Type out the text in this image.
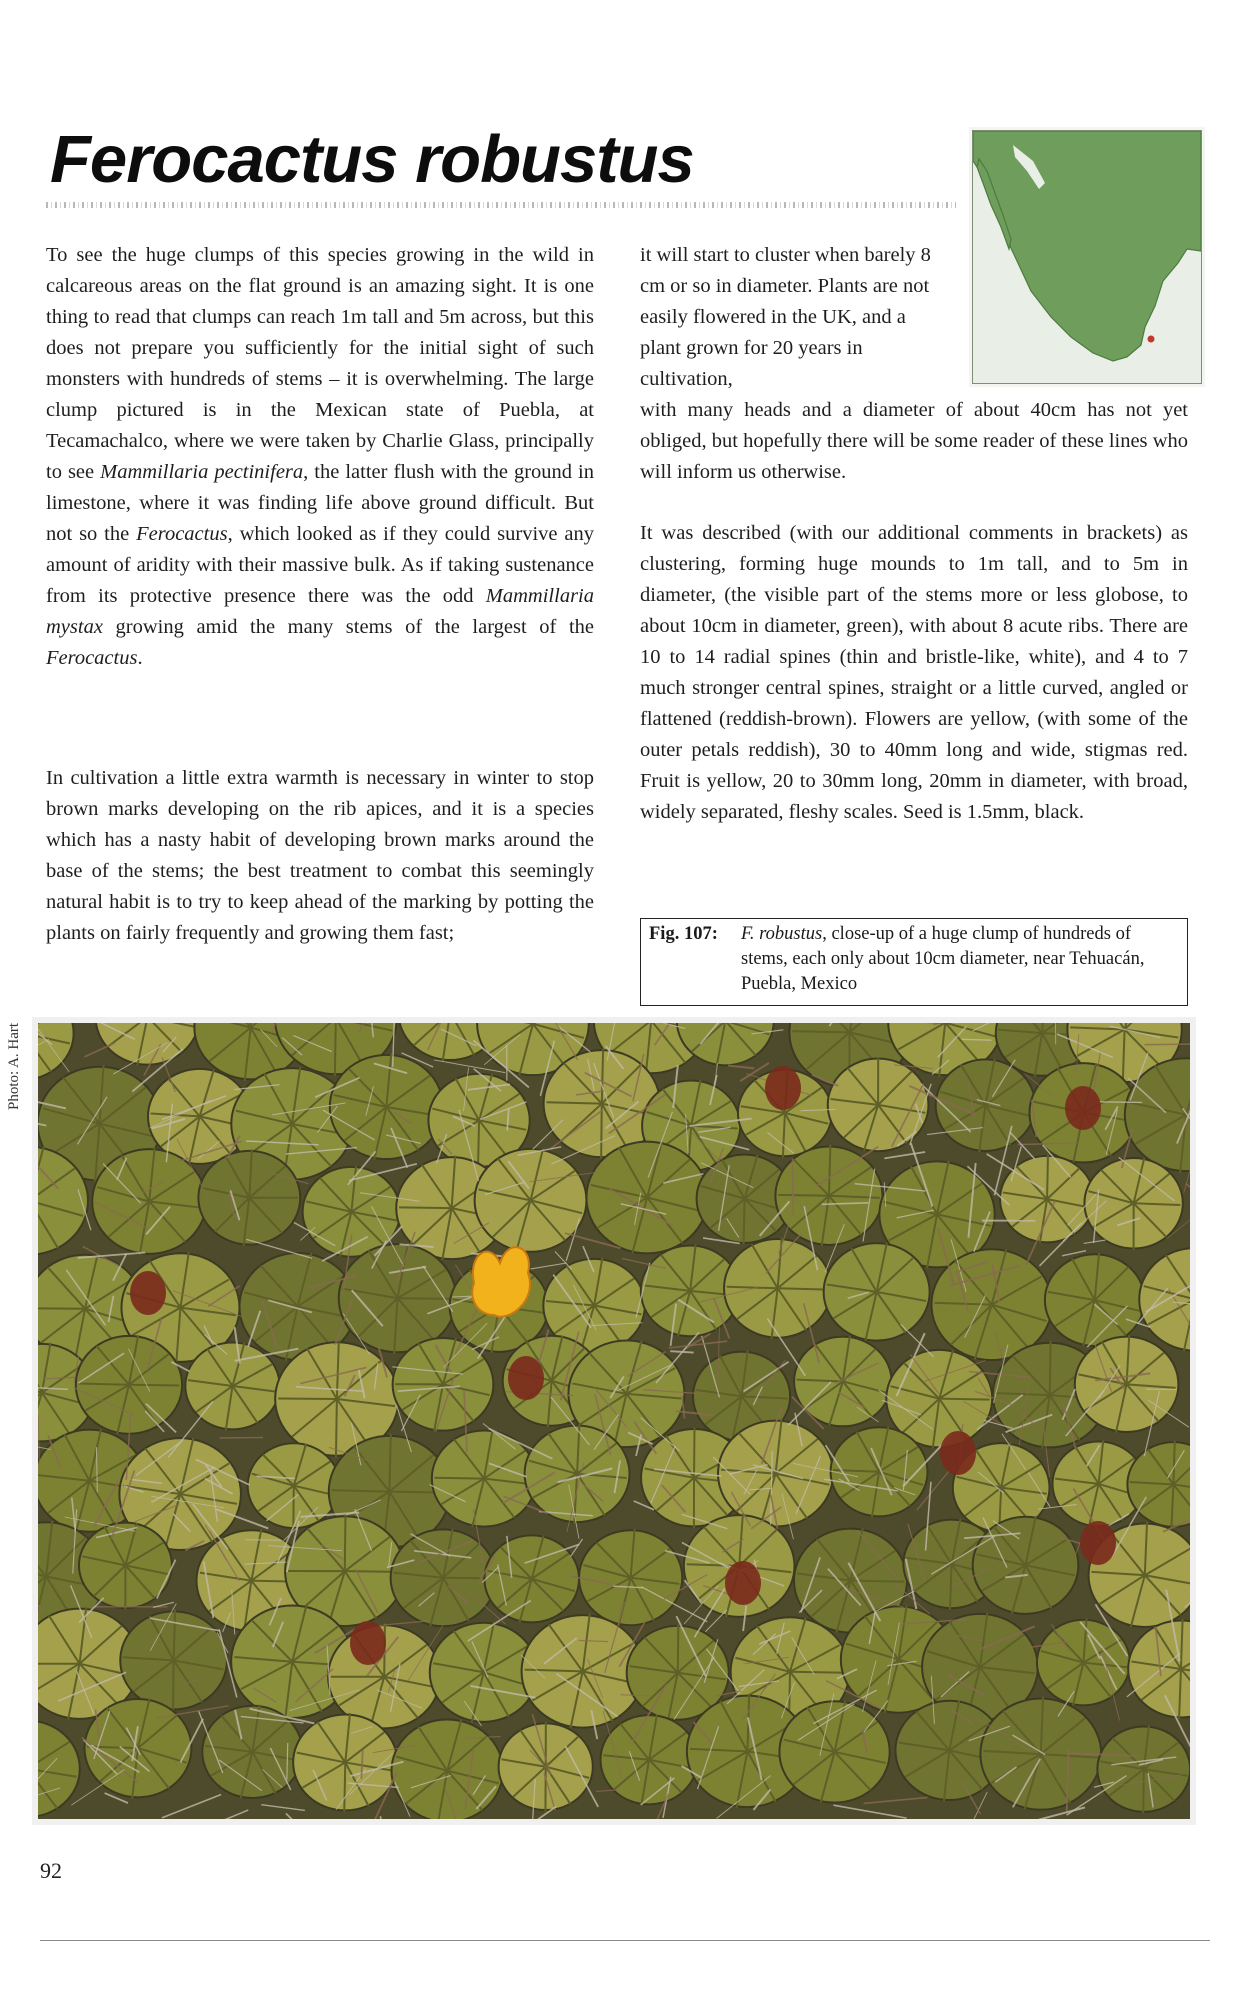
Ferocactus robustus

To see the huge clumps of this species growing in the wild in calcareous areas on the flat ground is an amazing sight. It is one thing to read that clumps can reach 1m tall and 5m across, but this does not prepare you sufficiently for the initial sight of such monsters with hundreds of stems – it is overwhelming. The large clump pictured is in the Mexican state of Puebla, at Tecamachalco, where we were taken by Charlie Glass, principally to see Mammillaria pectinifera, the latter flush with the ground in limestone, where it was finding life above ground difficult. But not so the Ferocactus, which looked as if they could survive any amount of aridity with their massive bulk. As if taking sustenance from its protective presence there was the odd Mammillaria mystax growing amid the many stems of the largest of the Ferocactus.

In cultivation a little extra warmth is necessary in winter to stop brown marks developing on the rib apices, and it is a species which has a nasty habit of developing brown marks around the base of the stems; the best treatment to combat this seemingly natural habit is to try to keep ahead of the marking by potting the plants on fairly frequently and growing them fast;

it will start to cluster when barely 8 cm or so in diameter. Plants are not easily flowered in the UK, and a plant grown for 20 years in cultivation,

with many heads and a diameter of about 40cm has not yet obliged, but hopefully there will be some reader of these lines who will inform us otherwise.

It was described (with our additional comments in brackets) as clustering, forming huge mounds to 1m tall, and to 5m in diameter, (the visible part of the stems more or less globose, to about 10cm in diameter, green), with about 8 acute ribs. There are 10 to 14 radial spines (thin and bristle-like, white), and 4 to 7 much stronger central spines, straight or a little curved, angled or flattened (reddish-brown). Flowers are yellow, (with some of the outer petals reddish), 30 to 40mm long and wide, stigmas red. Fruit is yellow, 20 to 30mm long, 20mm in diameter, with broad, widely separated, fleshy scales. Seed is 1.5mm, black.

Fig. 107: F. robustus, close-up of a huge clump of hundreds of stems, each only about 10cm diameter, near Tehuacán, Puebla, Mexico
Photo: A. Hart
92
